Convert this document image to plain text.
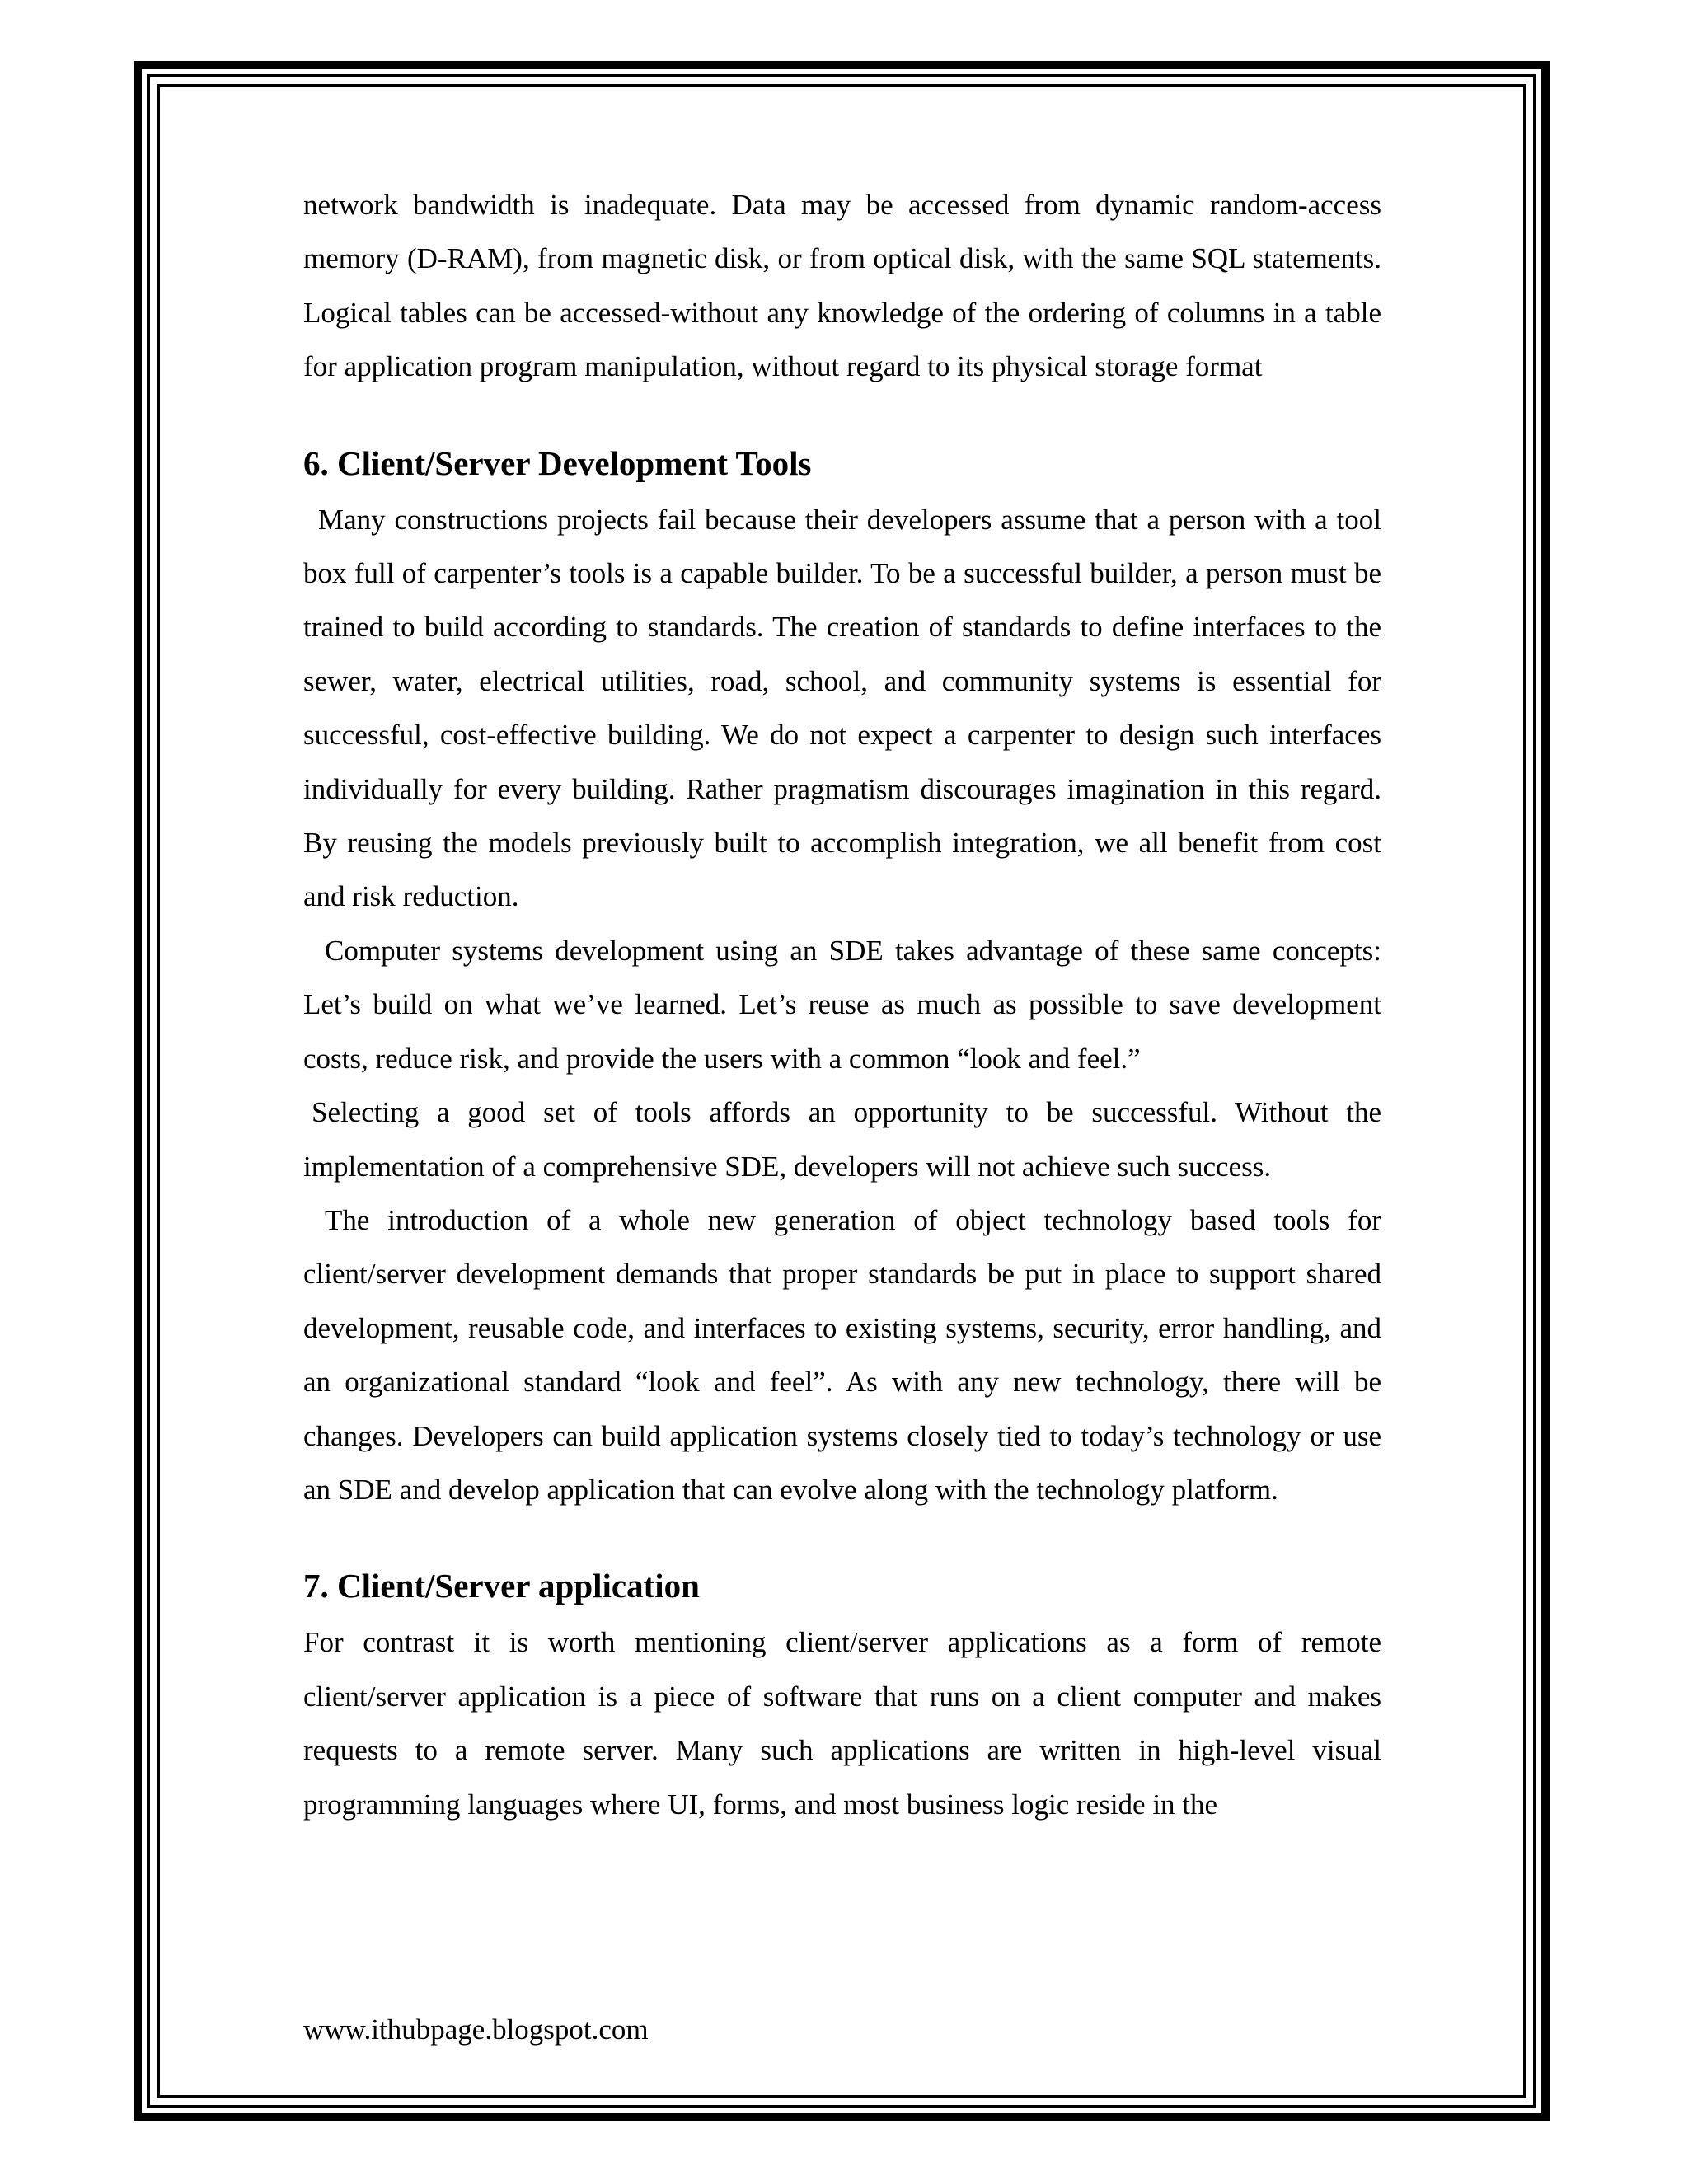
network bandwidth is inadequate. Data may be accessed from dynamic random-access memory (D-RAM), from magnetic disk, or from optical disk, with the same SQL statements. Logical tables can be accessed-without any knowledge of the ordering of columns in a table for application program manipulation, without regard to its physical storage format

6. Client/Server Development Tools

Many constructions projects fail because their developers assume that a person with a tool box full of carpenter’s tools is a capable builder. To be a successful builder, a person must be trained to build according to standards. The creation of standards to define interfaces to the sewer, water, electrical utilities, road, school, and community systems is essential for successful, cost-effective building. We do not expect a carpenter to design such interfaces individually for every building. Rather pragmatism discourages imagination in this regard. By reusing the models previously built to accomplish integration, we all benefit from cost and risk reduction.

Computer systems development using an SDE takes advantage of these same concepts: Let’s build on what we’ve learned. Let’s reuse as much as possible to save development costs, reduce risk, and provide the users with a common “look and feel.”

Selecting a good set of tools affords an opportunity to be successful. Without the implementation of a comprehensive SDE, developers will not achieve such success.

The introduction of a whole new generation of object technology based tools for client/server development demands that proper standards be put in place to support shared development, reusable code, and interfaces to existing systems, security, error handling, and an organizational standard “look and feel”. As with any new technology, there will be changes. Developers can build application systems closely tied to today’s technology or use an SDE and develop application that can evolve along with the technology platform.

7. Client/Server application

For contrast it is worth mentioning client/server applications as a form of remote client/server application is a piece of software that runs on a client computer and makes requests to a remote server. Many such applications are written in high-level visual programming languages where UI, forms, and most business logic reside in the

www.ithubpage.blogspot.com
